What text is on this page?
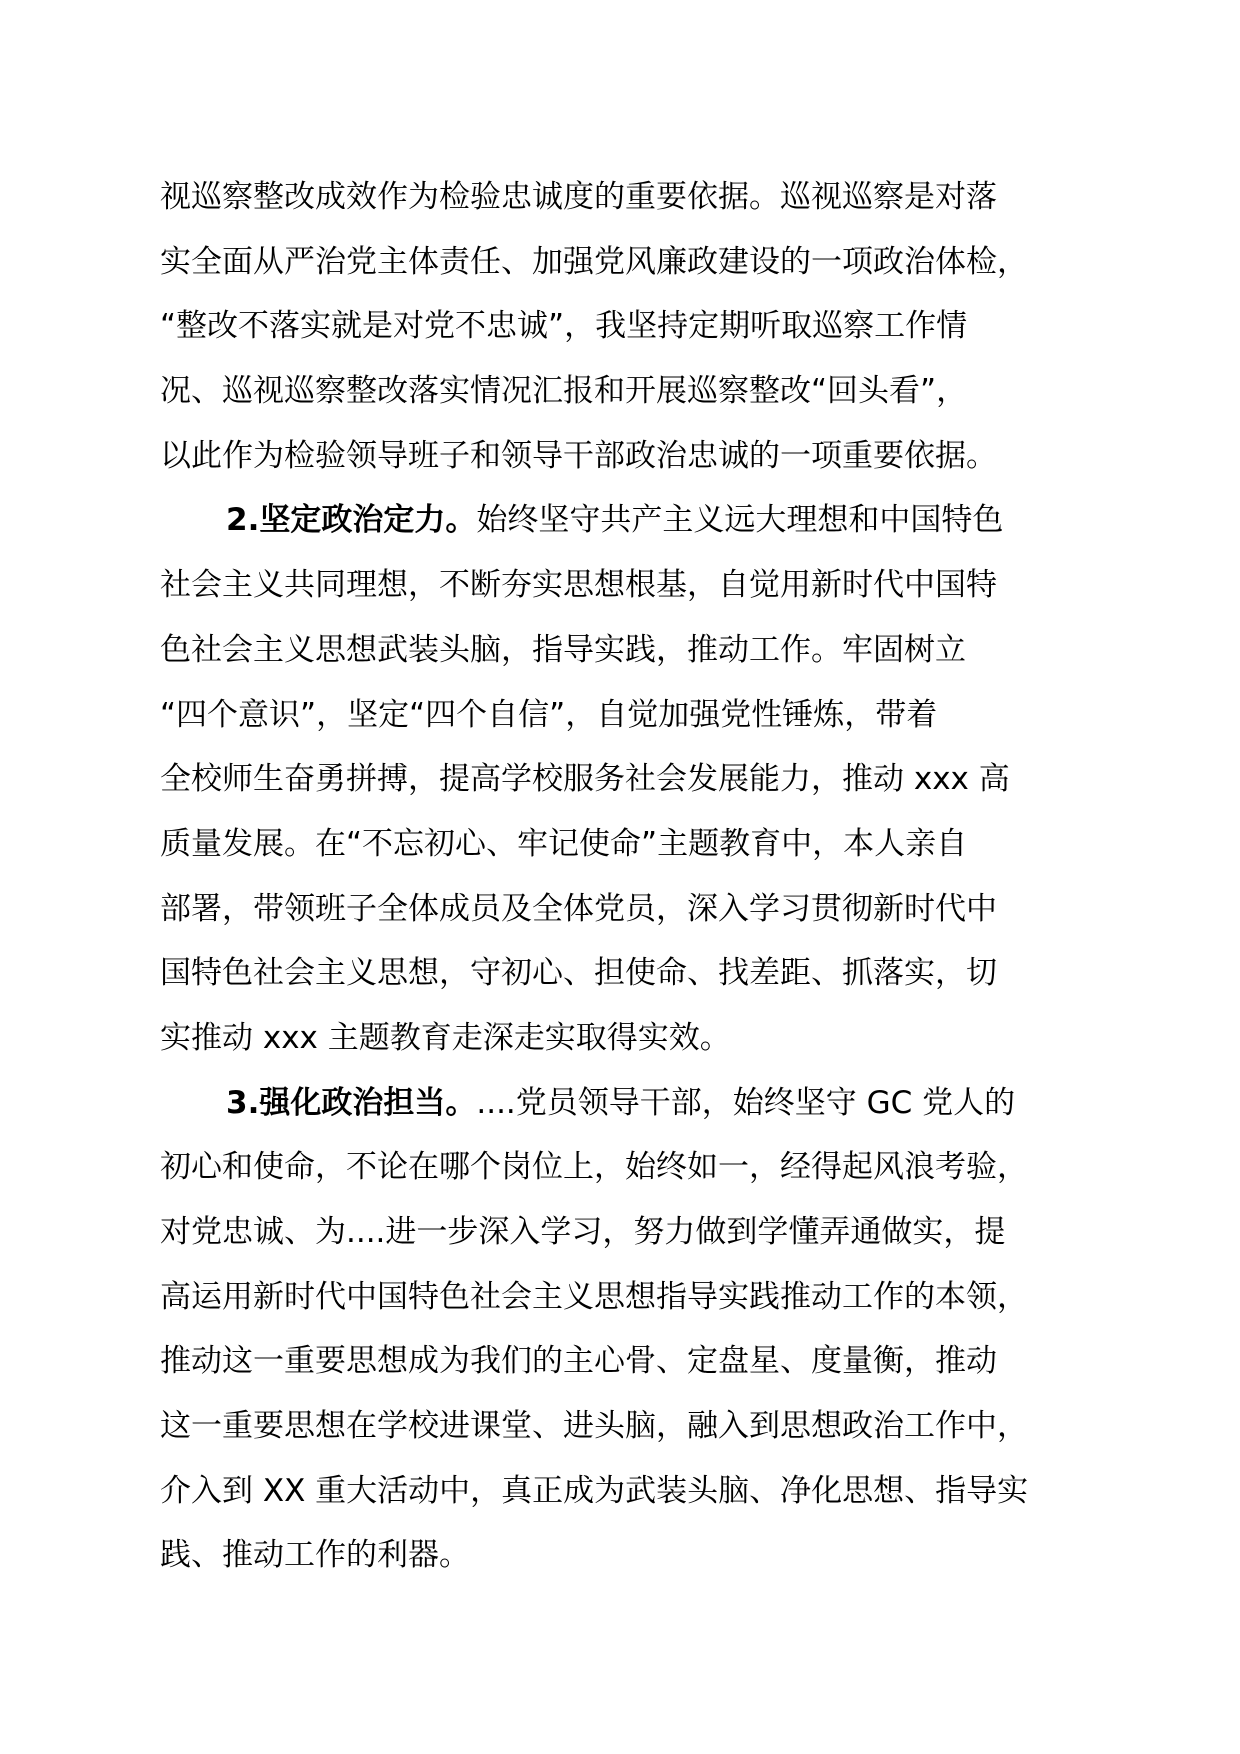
视巡察整改成效作为检验忠诚度的重要依据。巡视巡察是对落
实全面从严治党主体责任、加强党风廉政建设的一项政治体检，
“整改不落实就是对党不忠诚”，我坚持定期听取巡察工作情
况、巡视巡察整改落实情况汇报和开展巡察整改“回头看”，
以此作为检验领导班子和领导干部政治忠诚的一项重要依据。
2.坚定政治定力。始终坚守共产主义远大理想和中国特色
社会主义共同理想，不断夯实思想根基，自觉用新时代中国特
色社会主义思想武装头脑，指导实践，推动工作。牢固树立
“四个意识”，坚定“四个自信”，自觉加强党性锤炼，带着
全校师生奋勇拼搏，提高学校服务社会发展能力，推动 xxx 高
质量发展。在“不忘初心、牢记使命”主题教育中，本人亲自
部署，带领班子全体成员及全体党员，深入学习贯彻新时代中
国特色社会主义思想，守初心、担使命、找差距、抓落实，切
实推动 xxx 主题教育走深走实取得实效。
3.强化政治担当。....党员领导干部，始终坚守 GC 党人的
初心和使命，不论在哪个岗位上，始终如一，经得起风浪考验，
对党忠诚、为....进一步深入学习，努力做到学懂弄通做实，提
高运用新时代中国特色社会主义思想指导实践推动工作的本领，
推动这一重要思想成为我们的主心骨、定盘星、度量衡，推动
这一重要思想在学校进课堂、进头脑，融入到思想政治工作中，
介入到 XX 重大活动中，真正成为武装头脑、净化思想、指导实
践、推动工作的利器。
